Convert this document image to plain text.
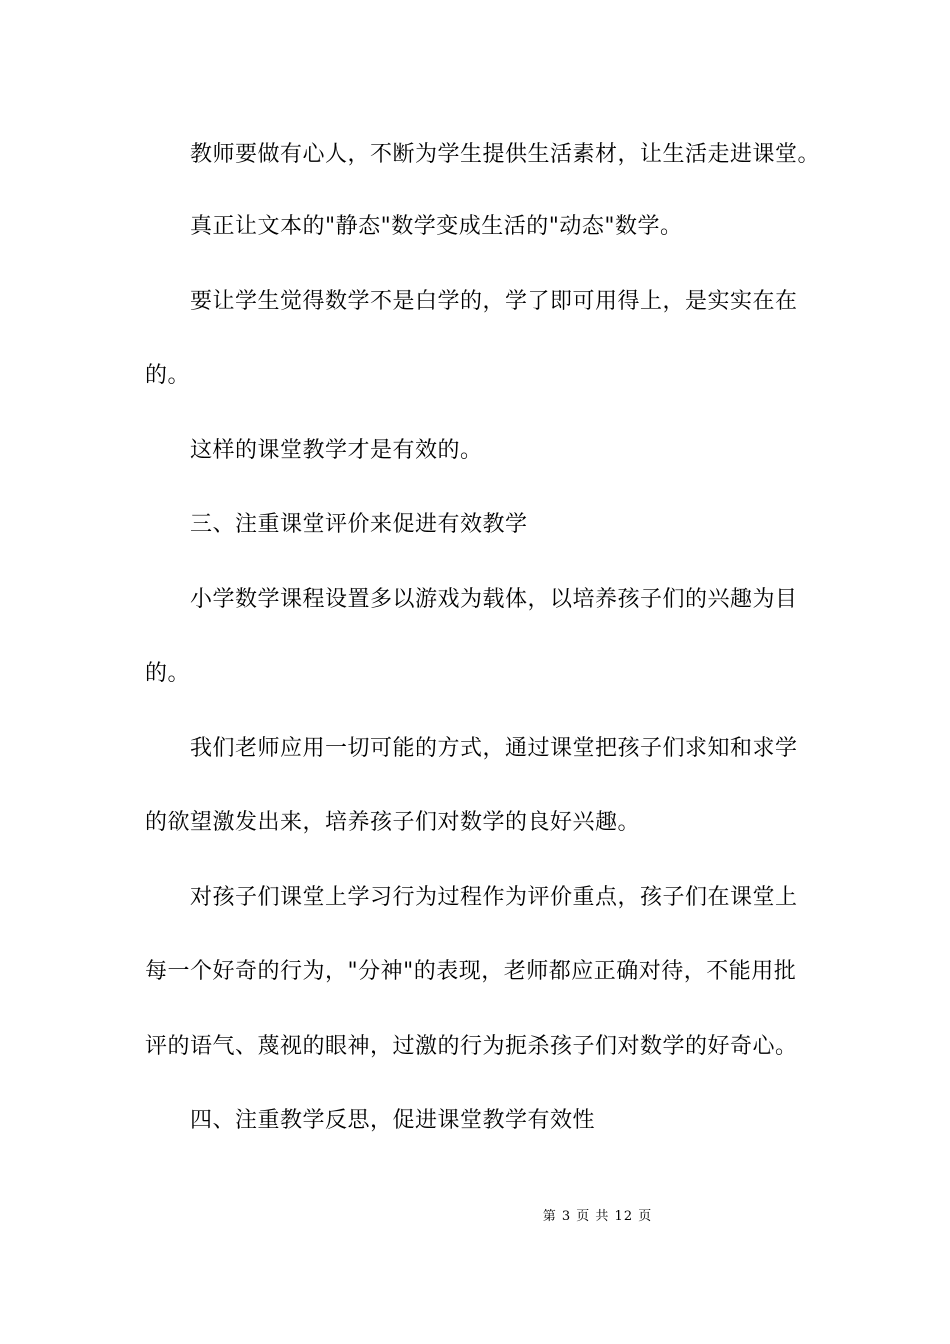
教师要做有心人，不断为学生提供生活素材，让生活走进课堂。
真正让文本的"静态"数学变成生活的"动态"数学。
要让学生觉得数学不是白学的，学了即可用得上，是实实在在
的。
这样的课堂教学才是有效的。
三、注重课堂评价来促进有效教学
小学数学课程设置多以游戏为载体，以培养孩子们的兴趣为目
的。
我们老师应用一切可能的方式，通过课堂把孩子们求知和求学
的欲望激发出来，培养孩子们对数学的良好兴趣。
对孩子们课堂上学习行为过程作为评价重点，孩子们在课堂上
每一个好奇的行为，"分神"的表现，老师都应正确对待，不能用批
评的语气、蔑视的眼神，过激的行为扼杀孩子们对数学的好奇心。
四、注重教学反思，促进课堂教学有效性
第 3 页 共 12 页
